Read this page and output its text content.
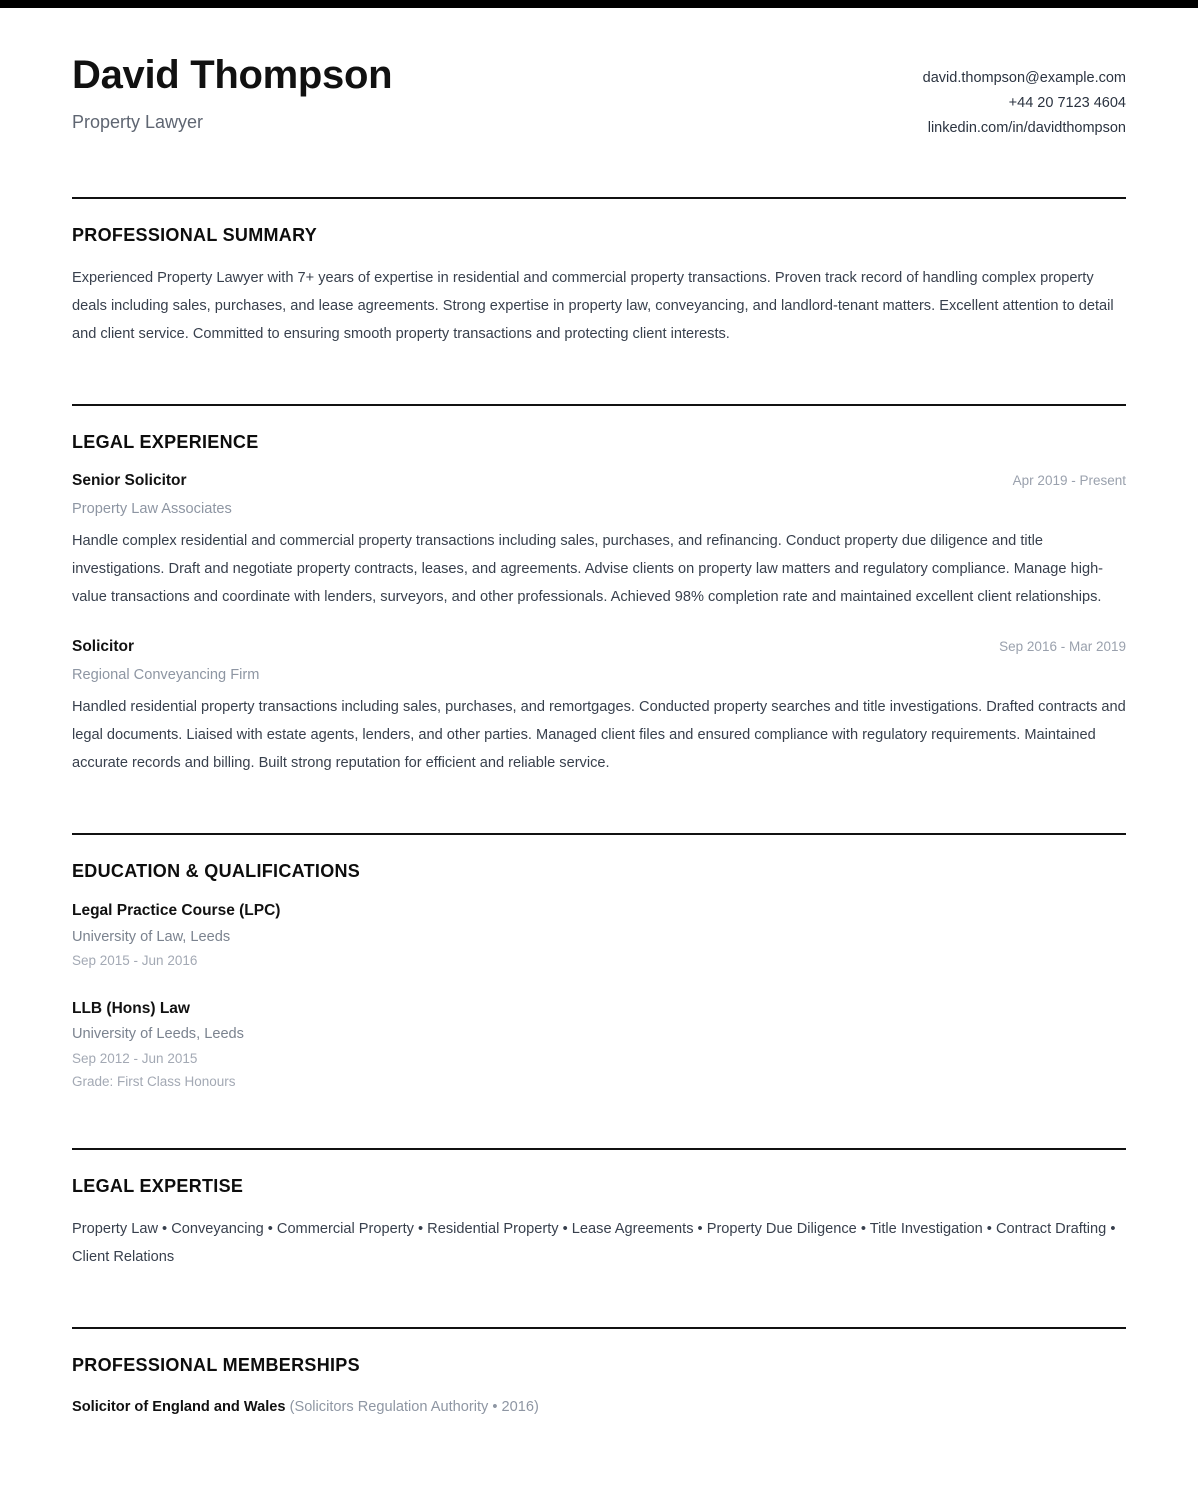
David Thompson
Property Lawyer
david.thompson@example.com
+44 20 7123 4604
linkedin.com/in/davidthompson
PROFESSIONAL SUMMARY

Experienced Property Lawyer with 7+ years of expertise in residential and commercial property transactions. Proven track record of handling complex property deals including sales, purchases, and lease agreements. Strong expertise in property law, conveyancing, and landlord-tenant matters. Excellent attention to detail and client service. Committed to ensuring smooth property transactions and protecting client interests.

LEGAL EXPERIENCE
Senior Solicitor	Apr 2019 - Present
Property Law Associates
Handle complex residential and commercial property transactions including sales, purchases, and refinancing. Conduct property due diligence and title investigations. Draft and negotiate property contracts, leases, and agreements. Advise clients on property law matters and regulatory compliance. Manage high-value transactions and coordinate with lenders, surveyors, and other professionals. Achieved 98% completion rate and maintained excellent client relationships.
Solicitor	Sep 2016 - Mar 2019
Regional Conveyancing Firm
Handled residential property transactions including sales, purchases, and remortgages. Conducted property searches and title investigations. Drafted contracts and legal documents. Liaised with estate agents, lenders, and other parties. Managed client files and ensured compliance with regulatory requirements. Maintained accurate records and billing. Built strong reputation for efficient and reliable service.
EDUCATION & QUALIFICATIONS
Legal Practice Course (LPC)
University of Law, Leeds
Sep 2015 - Jun 2016
LLB (Hons) Law
University of Leeds, Leeds
Sep 2012 - Jun 2015
Grade: First Class Honours
LEGAL EXPERTISE
Property Law • Conveyancing • Commercial Property • Residential Property • Lease Agreements • Property Due Diligence • Title Investigation • Contract Drafting • Client Relations
PROFESSIONAL MEMBERSHIPS
Solicitor of England and Wales (Solicitors Regulation Authority • 2016)
